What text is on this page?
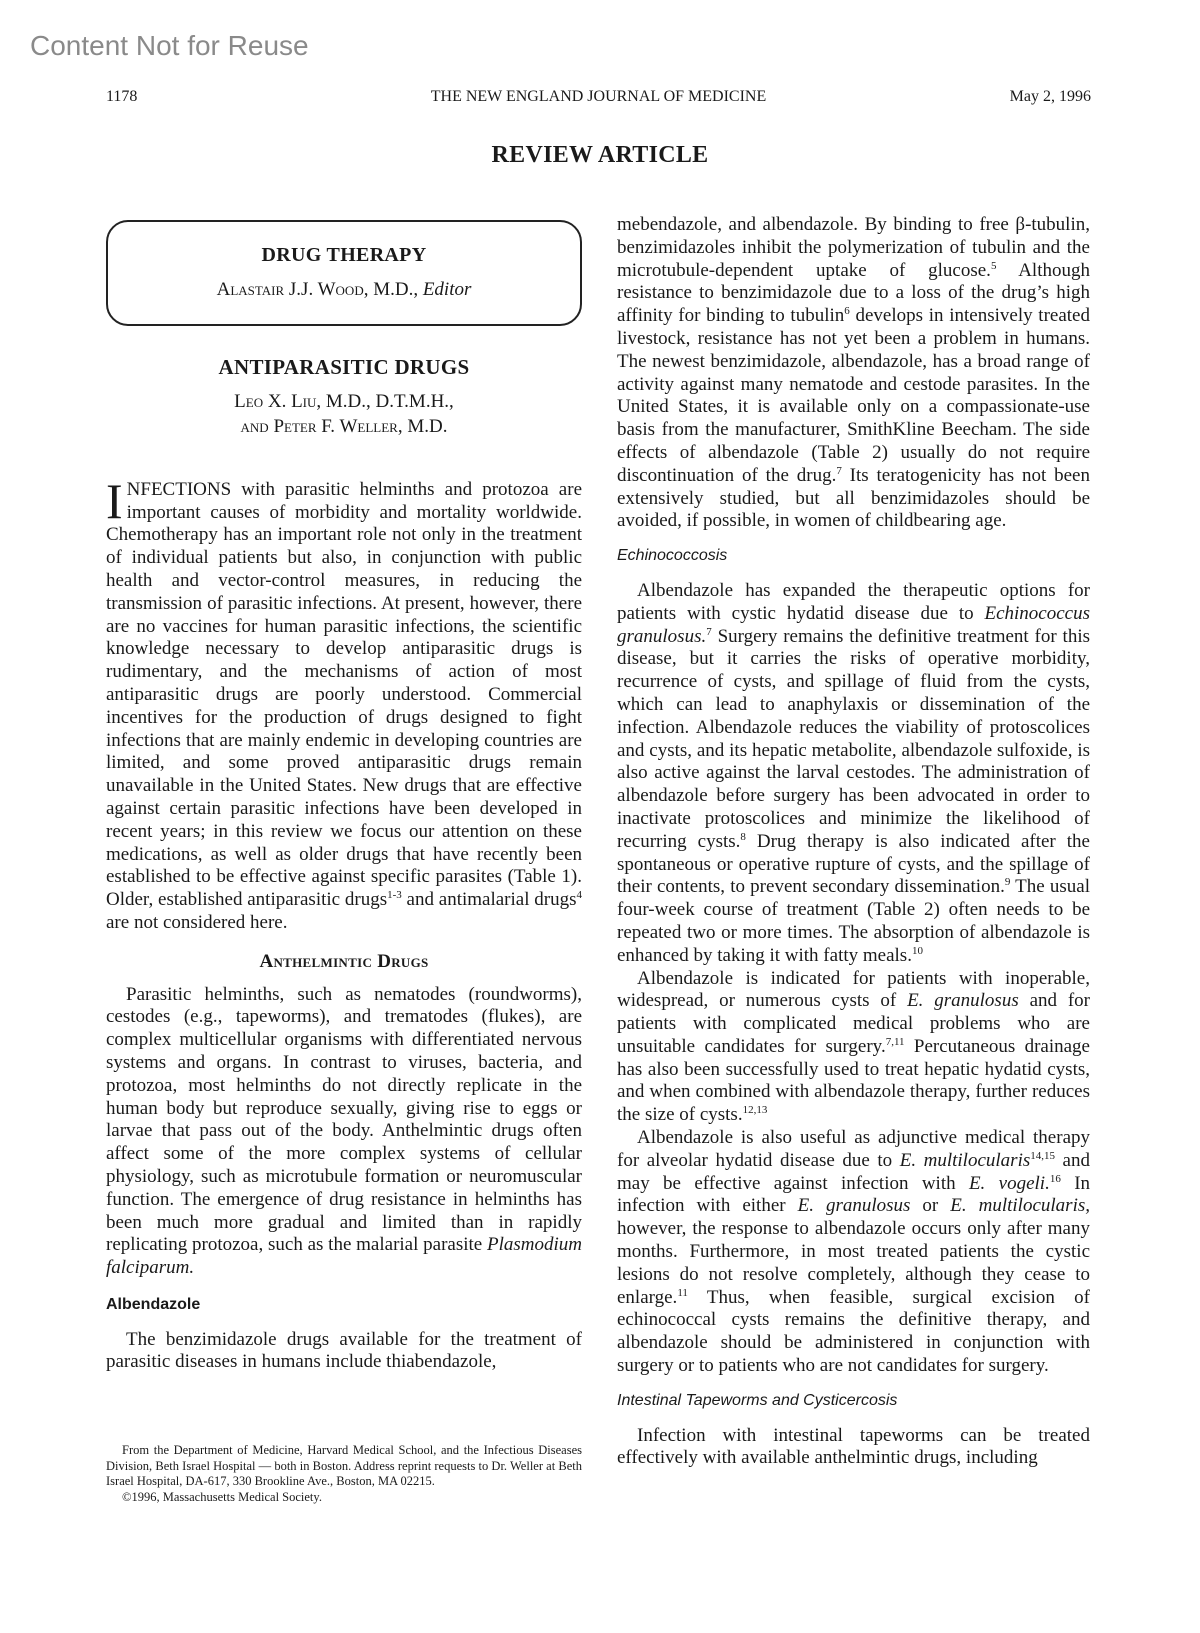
Content Not for Reuse
1178	THE NEW ENGLAND JOURNAL OF MEDICINE	May 2, 1996
REVIEW ARTICLE
DRUG THERAPY
Alastair J.J. Wood, M.D., Editor
ANTIPARASITIC DRUGS
Leo X. Liu, M.D., D.T.M.H.,
and Peter F. Weller, M.D.

INFECTIONS with parasitic helminths and protozoa are important causes of morbidity and mortality worldwide. Chemotherapy has an important role not only in the treatment of individual patients but also, in conjunction with public health and vector-control measures, in reducing the transmission of parasitic infections. At present, however, there are no vaccines for human parasitic infections, the scientific knowledge necessary to develop antiparasitic drugs is rudimentary, and the mechanisms of action of most antiparasitic drugs are poorly understood. Commercial incentives for the production of drugs designed to fight infections that are mainly endemic in developing countries are limited, and some proved antiparasitic drugs remain unavailable in the United States. New drugs that are effective against certain parasitic infections have been developed in recent years; in this review we focus our attention on these medications, as well as older drugs that have recently been established to be effective against specific parasites (Table 1). Older, established antiparasitic drugs$^{1-3}$ and antimalarial drugs$^4$ are not considered here.

Anthelmintic Drugs

Parasitic helminths, such as nematodes (roundworms), cestodes (e.g., tapeworms), and trematodes (flukes), are complex multicellular organisms with differentiated nervous systems and organs. In contrast to viruses, bacteria, and protozoa, most helminths do not directly replicate in the human body but reproduce sexually, giving rise to eggs or larvae that pass out of the body. Anthelmintic drugs often affect some of the more complex systems of cellular physiology, such as microtubule formation or neuromuscular function. The emergence of drug resistance in helminths has been much more gradual and limited than in rapidly replicating protozoa, such as the malarial parasite Plasmodium falciparum.

Albendazole

The benzimidazole drugs available for the treatment of parasitic diseases in humans include thiabendazole,

From the Department of Medicine, Harvard Medical School, and the Infectious Diseases Division, Beth Israel Hospital — both in Boston. Address reprint requests to Dr. Weller at Beth Israel Hospital, DA-617, 330 Brookline Ave., Boston, MA 02215.

©1996, Massachusetts Medical Society.

mebendazole, and albendazole. By binding to free β-tubulin, benzimidazoles inhibit the polymerization of tubulin and the microtubule-dependent uptake of glucose.$^5$ Although resistance to benzimidazole due to a loss of the drug’s high affinity for binding to tubulin$^6$ develops in intensively treated livestock, resistance has not yet been a problem in humans. The newest benzimidazole, albendazole, has a broad range of activity against many nematode and cestode parasites. In the United States, it is available only on a compassionate-use basis from the manufacturer, SmithKline Beecham. The side effects of albendazole (Table 2) usually do not require discontinuation of the drug.$^7$ Its teratogenicity has not been extensively studied, but all benzimidazoles should be avoided, if possible, in women of childbearing age.

Echinococcosis

Albendazole has expanded the therapeutic options for patients with cystic hydatid disease due to Echinococcus granulosus.$^7$ Surgery remains the definitive treatment for this disease, but it carries the risks of operative morbidity, recurrence of cysts, and spillage of fluid from the cysts, which can lead to anaphylaxis or dissemination of the infection. Albendazole reduces the viability of protoscolices and cysts, and its hepatic metabolite, albendazole sulfoxide, is also active against the larval cestodes. The administration of albendazole before surgery has been advocated in order to inactivate protoscolices and minimize the likelihood of recurring cysts.$^8$ Drug therapy is also indicated after the spontaneous or operative rupture of cysts, and the spillage of their contents, to prevent secondary dissemination.$^9$ The usual four-week course of treatment (Table 2) often needs to be repeated two or more times. The absorption of albendazole is enhanced by taking it with fatty meals.$^{10}$

Albendazole is indicated for patients with inoperable, widespread, or numerous cysts of E. granulosus and for patients with complicated medical problems who are unsuitable candidates for surgery.$^{7,11}$ Percutaneous drainage has also been successfully used to treat hepatic hydatid cysts, and when combined with albendazole therapy, further reduces the size of cysts.$^{12,13}$

Albendazole is also useful as adjunctive medical therapy for alveolar hydatid disease due to E. multilocularis$^{14,15}$ and may be effective against infection with E. vogeli.$^{16}$ In infection with either E. granulosus or E. multilocularis, however, the response to albendazole occurs only after many months. Furthermore, in most treated patients the cystic lesions do not resolve completely, although they cease to enlarge.$^{11}$ Thus, when feasible, surgical excision of echinococcal cysts remains the definitive therapy, and albendazole should be administered in conjunction with surgery or to patients who are not candidates for surgery.

Intestinal Tapeworms and Cysticercosis

Infection with intestinal tapeworms can be treated effectively with available anthelmintic drugs, including
